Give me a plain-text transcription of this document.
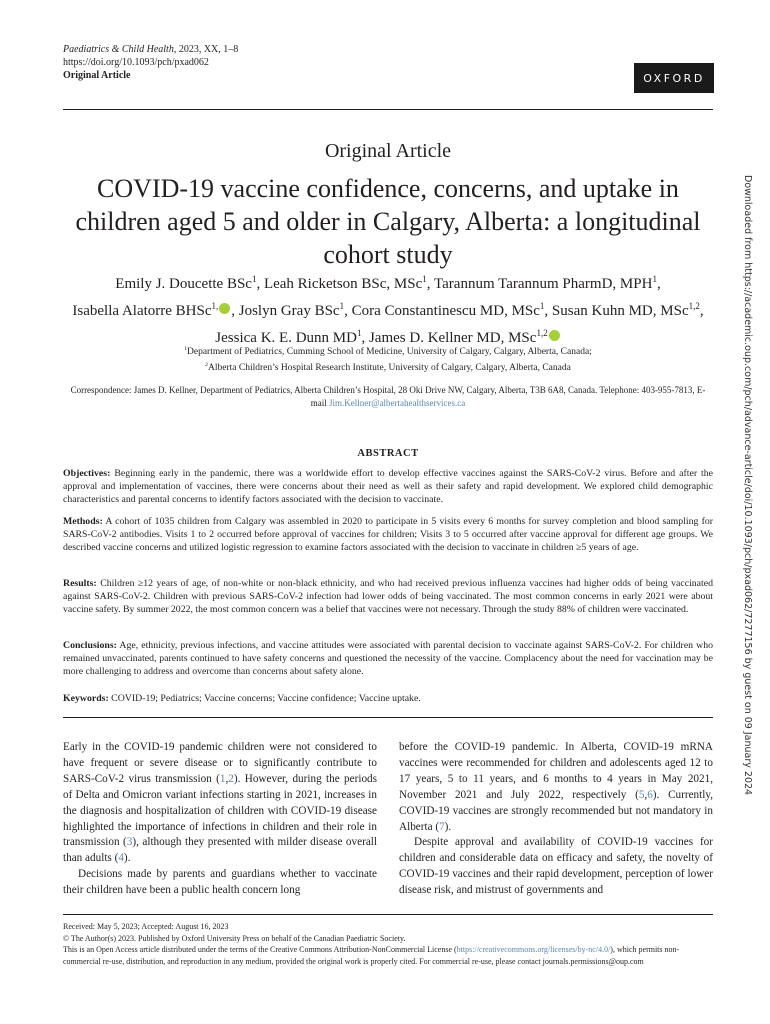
Paediatrics & Child Health, 2023, XX, 1–8
https://doi.org/10.1093/pch/pxad062
Original Article	OXFORD
Original Article
COVID-19 vaccine confidence, concerns, and uptake in
children aged 5 and older in Calgary, Alberta: a longitudinal
cohort study
Emily J. Doucette BSc$^1$, Leah Ricketson BSc, MSc$^1$, Tarannum Tarannum PharmD, MPH$^1$,
Isabella Alatorre BHSc$^{1,}$ , Joslyn Gray BSc$^1$, Cora Constantinescu MD, MSc$^1$, Susan Kuhn MD, MSc$^{1,2}$, Jessica K. E. Dunn $MD^1$, James D. Kellner MD, MSc$^{1,2}$
$^1$Department of Pediatrics, Cumming School of Medicine, University of Calgary, Calgary, Alberta, Canada;
$^2$Alberta Children’s Hospital Research Institute, University of Calgary, Calgary, Alberta, Canada
Correspondence: James D. Kellner, Department of Pediatrics, Alberta Children’s Hospital, 28 Oki Drive NW, Calgary, Alberta, T3B 6A8, Canada. Telephone: 403-955-7813, E-mail Jim.Kellner@albertahealthservices.ca
ABSTRACT
Objectives: Beginning early in the pandemic, there was a worldwide effort to develop effective vaccines against the SARS-CoV-2 virus. Before and after the approval and implementation of vaccines, there were concerns about their need as well as their safety and rapid development. We explored child demographic characteristics and parental concerns to identify factors associated with the decision to vaccinate.
Methods: A cohort of 1035 children from Calgary was assembled in 2020 to participate in 5 visits every 6 months for survey completion and blood sampling for SARS-CoV-2 antibodies. Visits 1 to 2 occurred before approval of vaccines for children; Visits 3 to 5 occurred after vaccine approval for different age groups. We described vaccine concerns and utilized logistic regression to examine factors associated with the decision to vaccinate in children ≥5 years of age.
Results: Children ≥12 years of age, of non-white or non-black ethnicity, and who had received previous influenza vaccines had higher odds of being vaccinated against SARS-CoV-2. Children with previous SARS-CoV-2 infection had lower odds of being vaccinated. The most common concerns in early 2021 were about vaccine safety. By summer 2022, the most common concern was a belief that vaccines were not necessary. Through the study 88% of children were vaccinated.
Conclusions: Age, ethnicity, previous infections, and vaccine attitudes were associated with parental decision to vaccinate against SARS-CoV-2. For children who remained unvaccinated, parents continued to have safety concerns and questioned the necessity of the vaccine. Complacency about the need for vaccination may be more challenging to address and overcome than concerns about safety alone.
Keywords: COVID-19; Pediatrics; Vaccine concerns; Vaccine confidence; Vaccine uptake.

Early in the COVID-19 pandemic children were not considered to have frequent or severe disease or to significantly contribute to SARS-CoV-2 virus transmission (1,2). However, during the periods of Delta and Omicron variant infections starting in 2021, increases in the diagnosis and hospitalization of children with COVID-19 disease highlighted the importance of infections in children and their role in transmission (3), although they presented with milder disease overall than adults (4).

Decisions made by parents and guardians whether to vaccinate their children have been a public health concern long

before the COVID-19 pandemic. In Alberta, COVID-19 mRNA vaccines were recommended for children and adolescents aged 12 to 17 years, 5 to 11 years, and 6 months to 4 years in May 2021, November 2021 and July 2022, respectively (5,6). Currently, COVID-19 vaccines are strongly recommended but not mandatory in Alberta (7).

Despite approval and availability of COVID-19 vaccines for children and considerable data on efficacy and safety, the novelty of COVID-19 vaccines and their rapid development, perception of lower disease risk, and mistrust of governments and

Received: May 5, 2023; Accepted: August 16, 2023
© The Author(s) 2023. Published by Oxford University Press on behalf of the Canadian Paediatric Society.
This is an Open Access article distributed under the terms of the Creative Commons Attribution-NonCommercial License (https://creativecommons.org/licenses/by-nc/4.0/), which permits non-commercial re-use, distribution, and reproduction in any medium, provided the original work is properly cited. For commercial re-use, please contact journals.permissions@oup.com
Downloaded from https://academic.oup.com/pch/advance-article/doi/10.1093/pch/pxad062/7277156 by guest on 09 January 2024
